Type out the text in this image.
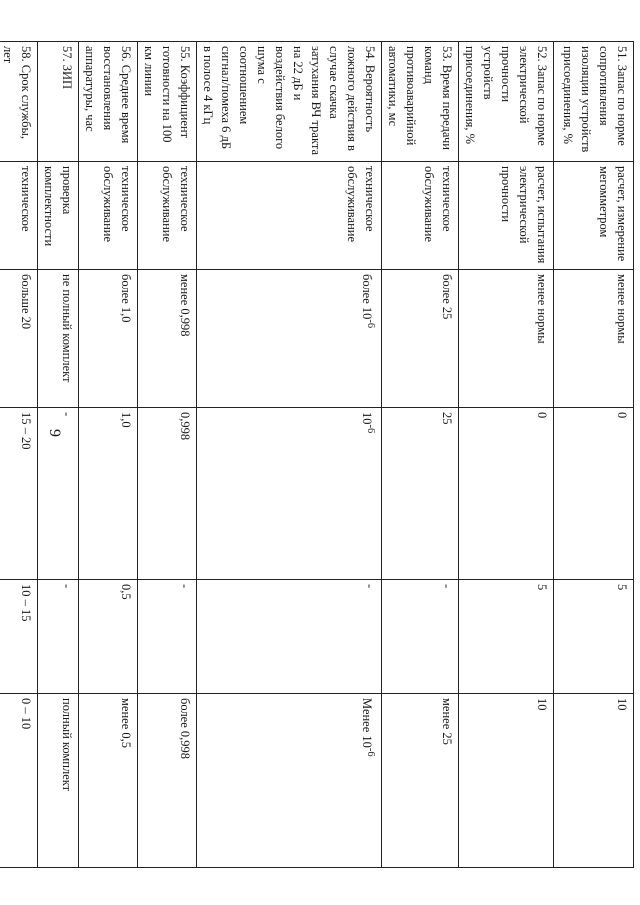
9
51. Запас по норме сопротивления изоляции устройств присоединения, %	расчет, измерение мегомметром	менее нормы	0	5	10
52. Запас по норме электрической прочности устройств присоединения, %	расчет, испытания электрической прочности	менее нормы	0	5	10
53. Время передачи команд противоаварийной автоматики, мс	техническое обслуживание	более 25	25	-	менее 25
54. Вероятность ложного действия в случае скачка затухания ВЧ тракта на 22 дБ и воздействия белого шума с соотношением сигнал/помеха 6 дБ в полосе 4 кГц	техническое обслуживание	более $10^{-6}$	$10^{-6}$	-	Менее $10^{-6}$
55. Коэффициент готовности на 100 км линии	техническое обслуживание	менее 0,998	0,998	-	более 0,998
56. Среднее время восстановления аппаратуры, час	техническое обслуживание	более 1,0	1,0	0,5	менее 0,5
57. ЗИП	проверка комплектности	не полный комплект	-	-	полный комплект
58. Срок службы, лет	техническое	больше 20	15 – 20	10 – 15	0 – 10
